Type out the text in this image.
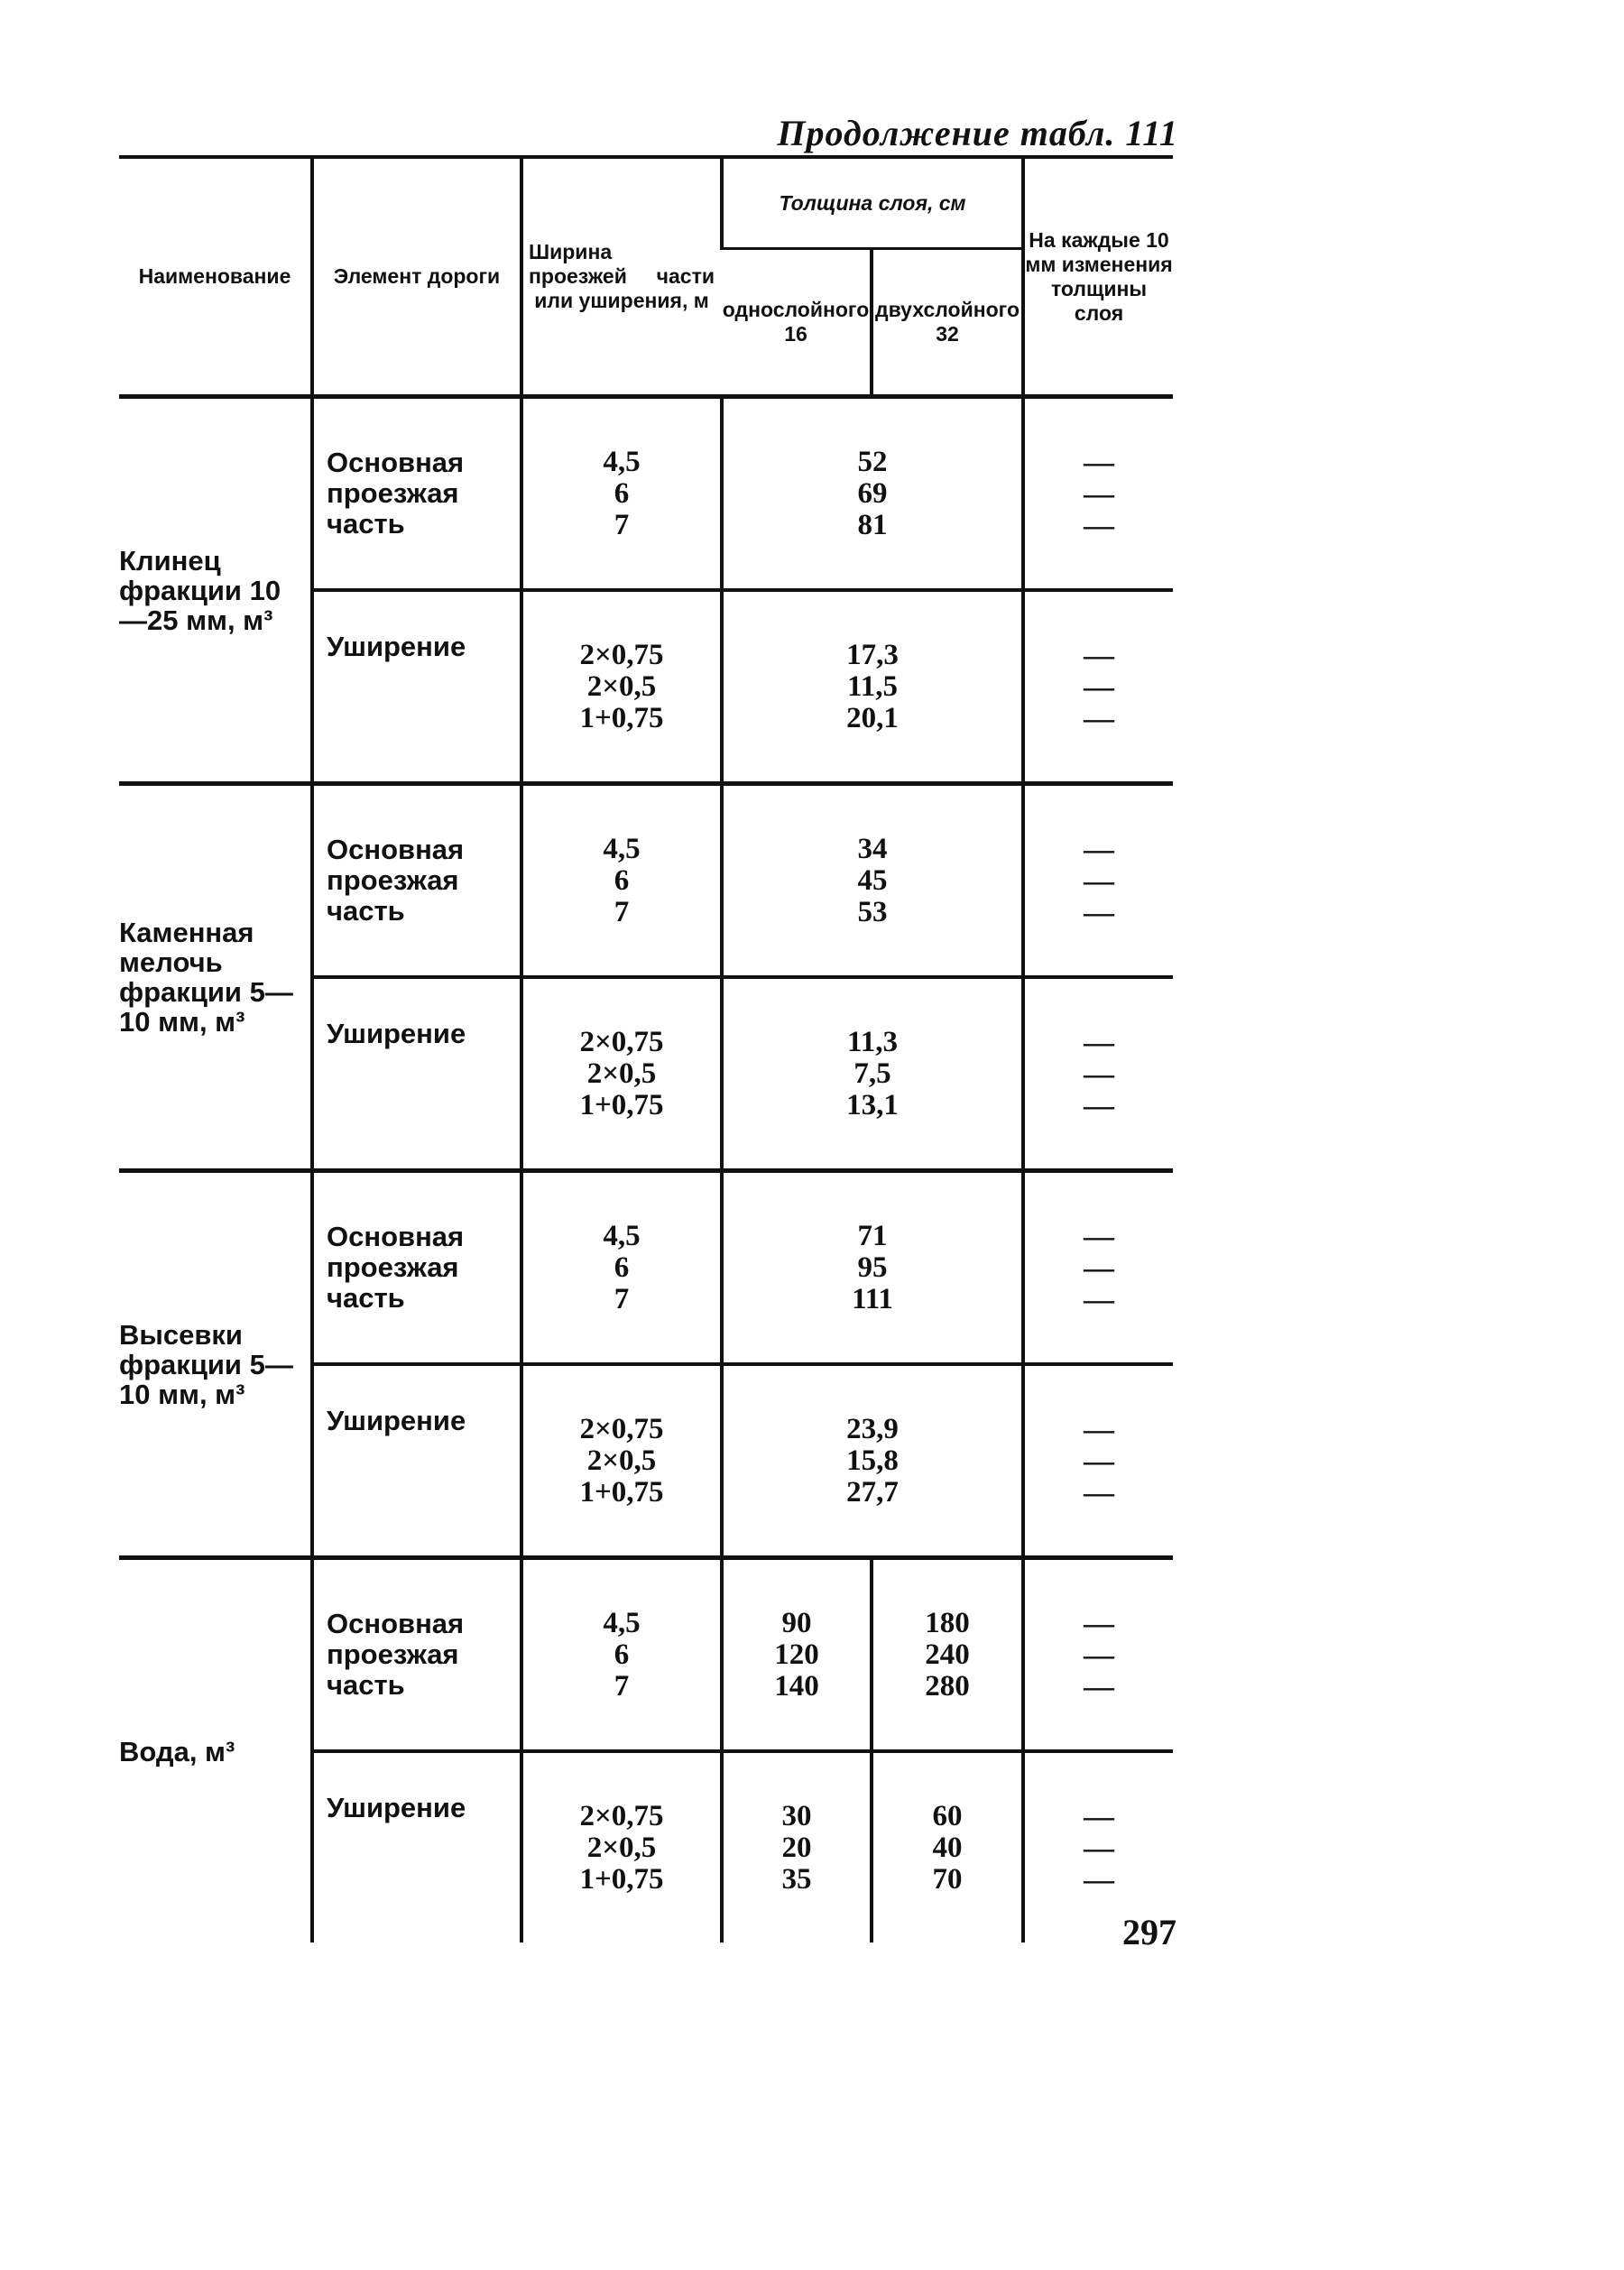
Продолжение табл. 111
Наименование	Элемент дороги	Ширина проезжей части или уширения, м	Толщина слоя, см		На каждые 10 мм изменения толщины слоя
			однослойного 16	двухслойного 32	
Клинец фракции 10—25 мм, м³	Основная проезжая часть	4,5
6
7	52
69
81		—
—
—

	Уширение	2×0,75
2×0,5
1+0,75	17,3
11,5
20,1		—
—
—

Каменная мелочь фракции 5—10 мм, м³	Основная проезжая часть	4,5
6
7	34
45
53		—
—
—

	Уширение	2×0,75
2×0,5
1+0,75	11,3
7,5
13,1		—
—
—

Высевки фракции 5—10 мм, м³	Основная проезжая часть	4,5
6
7	71
95
111		—
—
—

	Уширение	2×0,75
2×0,5
1+0,75	23,9
15,8
27,7		—
—
—

Вода, м³	Основная проезжая часть	4,5
6
7	90
120
140	180
240
280	—
—
—

	Уширение	2×0,75
2×0,5
1+0,75	30
20
35	60
40
70	—
—
—
297
